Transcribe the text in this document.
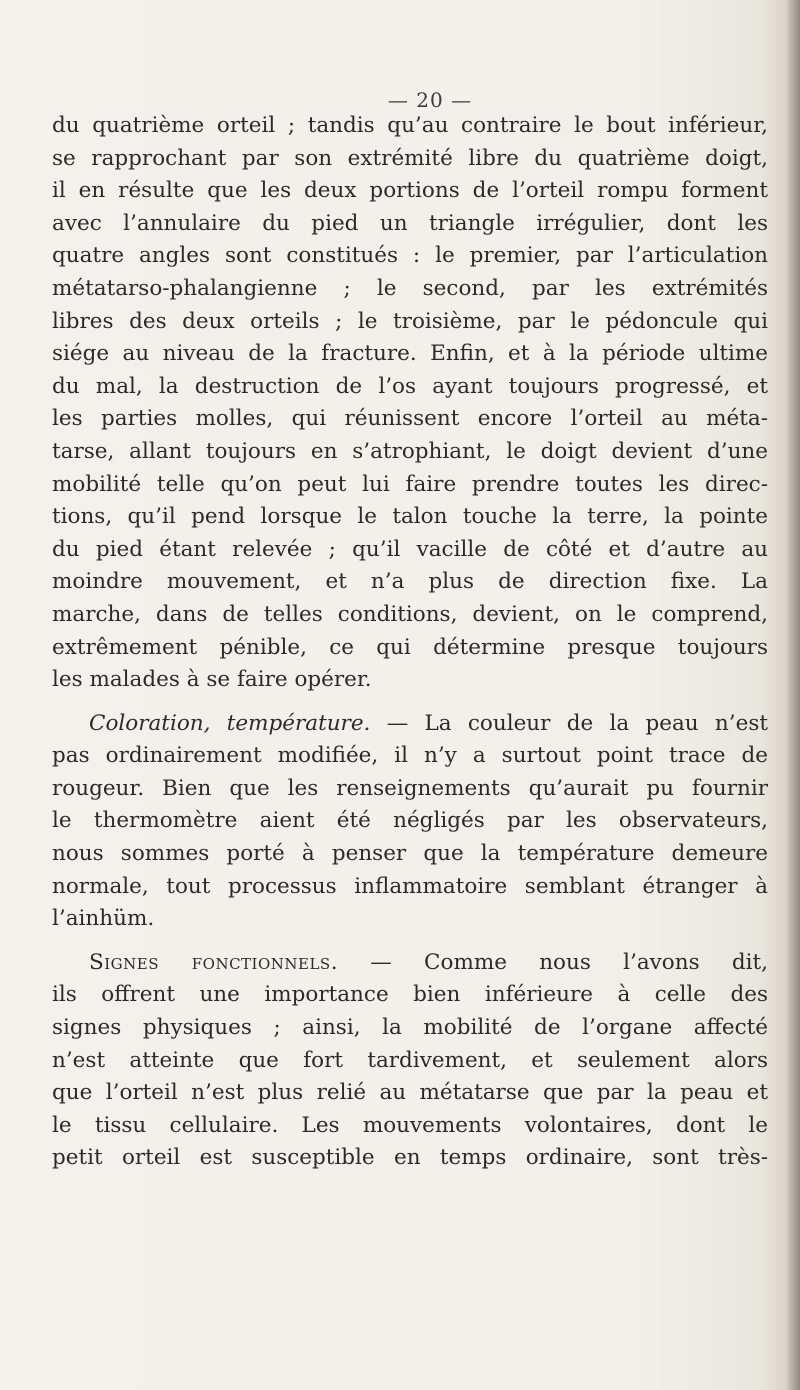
— 20 —
du quatrième orteil ; tandis qu’au contraire le bout inférieur,
se rapprochant par son extrémité libre du quatrième doigt,
il en résulte que les deux portions de l’orteil rompu forment
avec l’annulaire du pied un triangle irrégulier, dont les
quatre angles sont constitués : le premier, par l’articulation
métatarso-phalangienne ; le second, par les extrémités
libres des deux orteils ; le troisième, par le pédoncule qui
siége au niveau de la fracture. Enfin, et à la période ultime
du mal, la destruction de l’os ayant toujours progressé, et
les parties molles, qui réunissent encore l’orteil au méta-
tarse, allant toujours en s’atrophiant, le doigt devient d’une
mobilité telle qu’on peut lui faire prendre toutes les direc-
tions, qu’il pend lorsque le talon touche la terre, la pointe
du pied étant relevée ; qu’il vacille de côté et d’autre au
moindre mouvement, et n’a plus de direction fixe. La
marche, dans de telles conditions, devient, on le comprend,
extrêmement pénible, ce qui détermine presque toujours
les malades à se faire opérer.
Coloration, température. — La couleur de la peau n’est
pas ordinairement modifiée, il n’y a surtout point trace de
rougeur. Bien que les renseignements qu’aurait pu fournir
le thermomètre aient été négligés par les observateurs,
nous sommes porté à penser que la température demeure
normale, tout processus inflammatoire semblant étranger à
l’ainhüm.
Signes fonctionnels. — Comme nous l’avons dit,
ils offrent une importance bien inférieure à celle des
signes physiques ; ainsi, la mobilité de l’organe affecté
n’est atteinte que fort tardivement, et seulement alors
que l’orteil n’est plus relié au métatarse que par la peau et
le tissu cellulaire. Les mouvements volontaires, dont le
petit orteil est susceptible en temps ordinaire, sont très-
